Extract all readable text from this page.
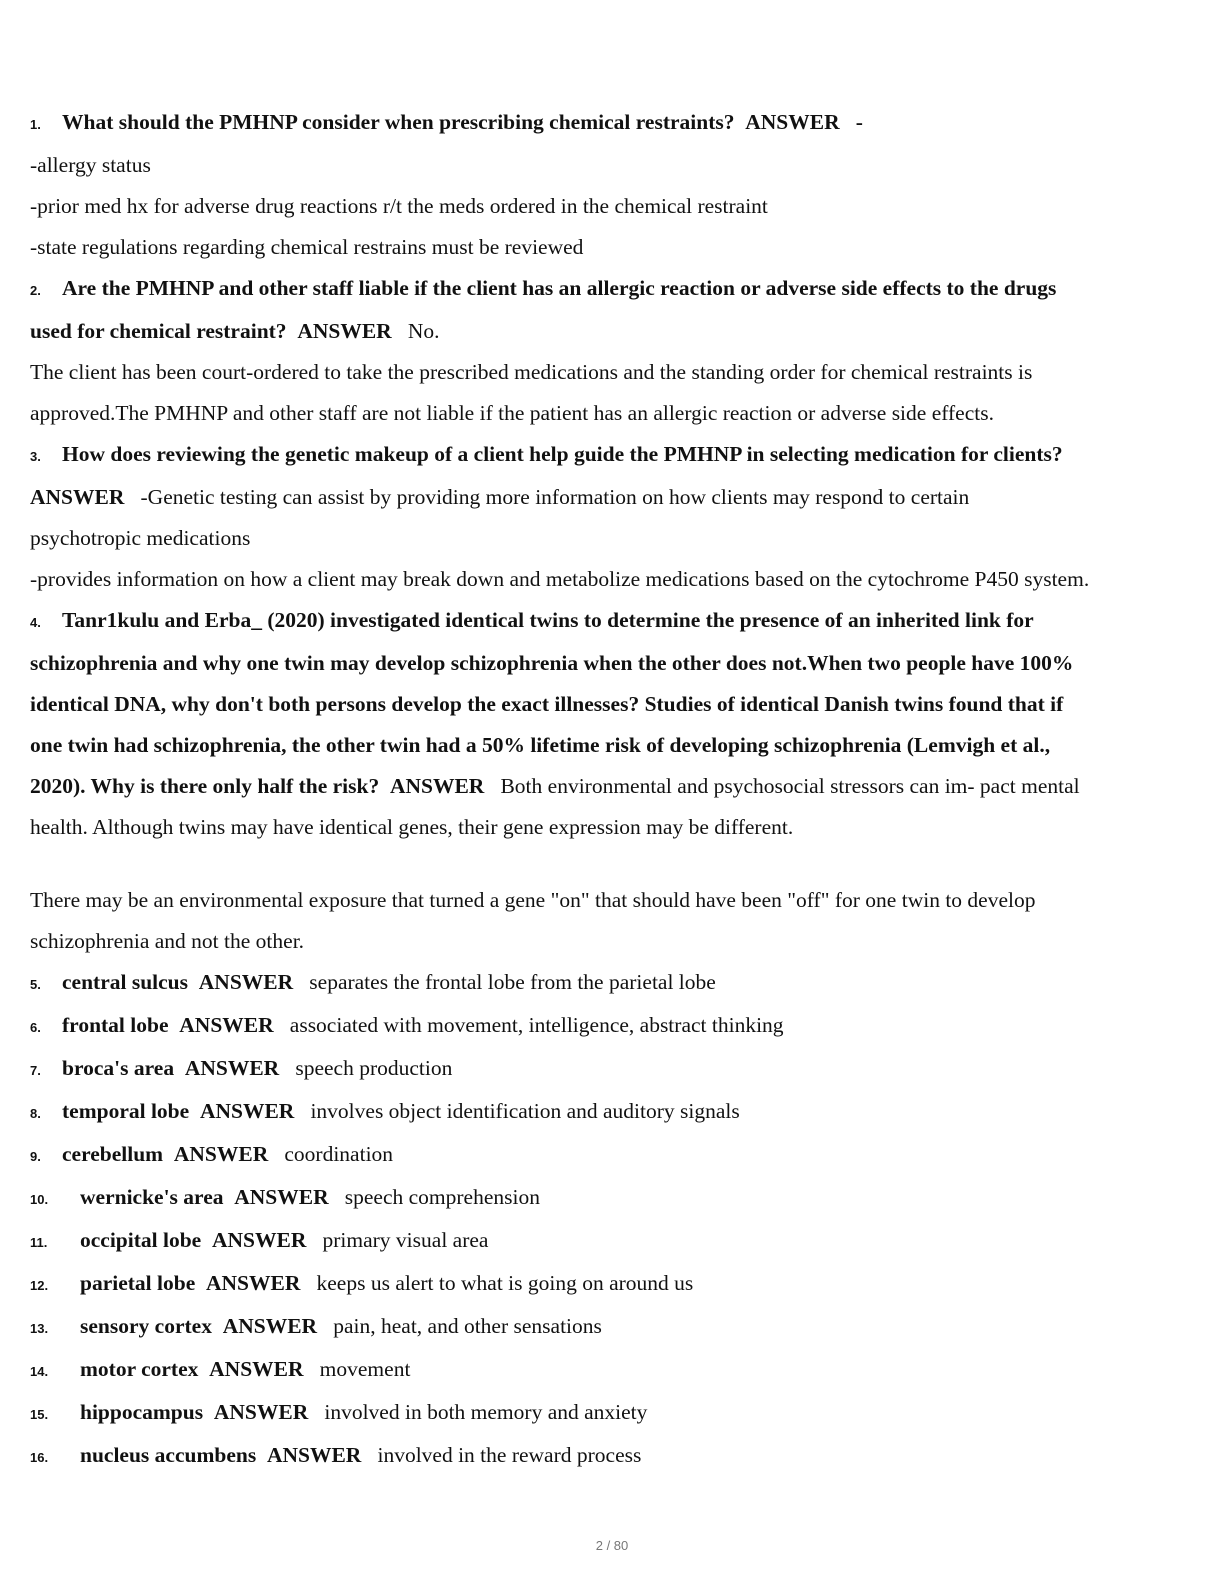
1. What should the PMHNP consider when prescribing chemical restraints? ANSWER -
-allergy status
-prior med hx for adverse drug reactions r/t the meds ordered in the chemical restraint
-state regulations regarding chemical restrains must be reviewed
2. Are the PMHNP and other staff liable if the client has an allergic reaction or adverse side effects to the drugs
used for chemical restraint? ANSWER No.
The client has been court-ordered to take the prescribed medications and the standing order for chemical restraints is
approved.The PMHNP and other staff are not liable if the patient has an allergic reaction or adverse side effects.
3. How does reviewing the genetic makeup of a client help guide the PMHNP in selecting medication for clients?
ANSWER -Genetic testing can assist by providing more information on how clients may respond to certain
psychotropic medications
-provides information on how a client may break down and metabolize medications based on the cytochrome P450 system.
4. Tanr1kulu and Erba_ (2020) investigated identical twins to determine the presence of an inherited link for
schizophrenia and why one twin may develop schizophrenia when the other does not.When two people have 100%
identical DNA, why don't both persons develop the exact illnesses? Studies of identical Danish twins found that if
one twin had schizophrenia, the other twin had a 50% lifetime risk of developing schizophrenia (Lemvigh et al.,
2020). Why is there only half the risk? ANSWER Both environmental and psychosocial stressors can im- pact mental
health. Although twins may have identical genes, their gene expression may be different.
There may be an environmental exposure that turned a gene "on" that should have been "off" for one twin to develop
schizophrenia and not the other.
5. central sulcus ANSWER separates the frontal lobe from the parietal lobe
6. frontal lobe ANSWER associated with movement, intelligence, abstract thinking
7. broca's area ANSWER speech production
8. temporal lobe ANSWER involves object identification and auditory signals
9. cerebellum ANSWER coordination
10. wernicke's area ANSWER speech comprehension
11. occipital lobe ANSWER primary visual area
12. parietal lobe ANSWER keeps us alert to what is going on around us
13. sensory cortex ANSWER pain, heat, and other sensations
14. motor cortex ANSWER movement
15. hippocampus ANSWER involved in both memory and anxiety
16. nucleus accumbens ANSWER involved in the reward process
2 / 80
